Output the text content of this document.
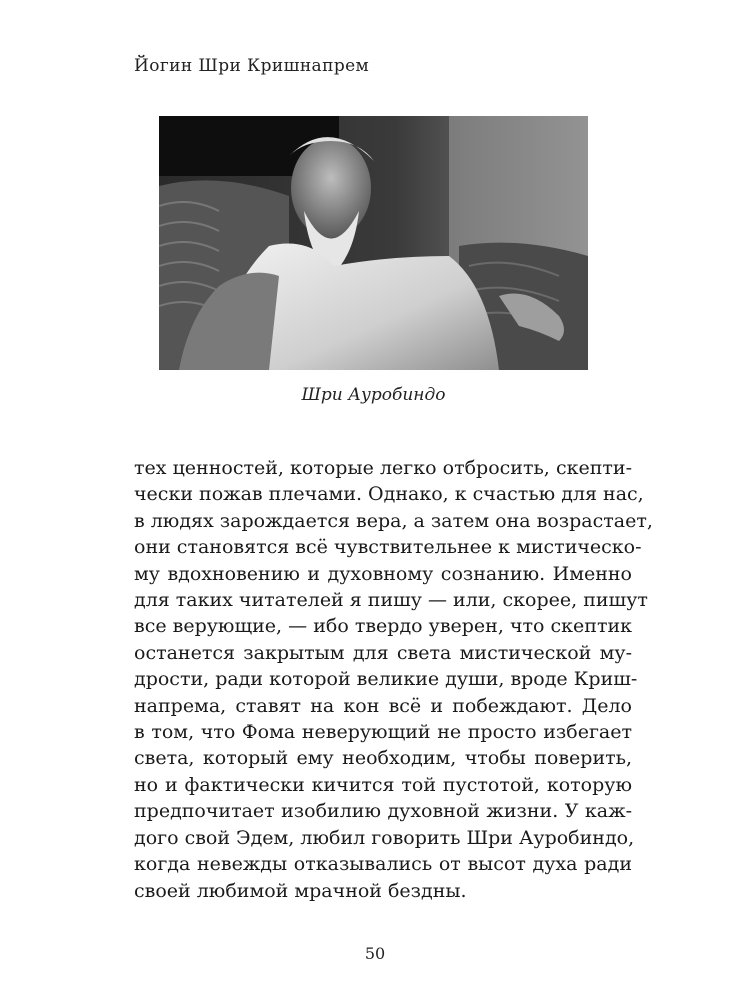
Йогин Шри Кришнапрем
Шри Ауробиндо
тех ценностей, которые легко отбросить, скепти-
чески пожав плечами. Однако, к счастью для нас,
в людях зарождается вера, а затем она возрастает,
они становятся всё чувствительнее к мистическо-
му вдохновению и духовному сознанию. Именно
для таких читателей я пишу — или, скорее, пишут
все верующие, — ибо твердо уверен, что скептик
останется закрытым для света мистической му-
дрости, ради которой великие души, вроде Криш-
напрема, ставят на кон всё и побеждают. Дело
в том, что Фома неверующий не просто избегает
света, который ему необходим, чтобы поверить,
но и фактически кичится той пустотой, которую
предпочитает изобилию духовной жизни. У каж-
дого свой Эдем, любил говорить Шри Ауробиндо,
когда невежды отказывались от высот духа ради
своей любимой мрачной бездны.
50
